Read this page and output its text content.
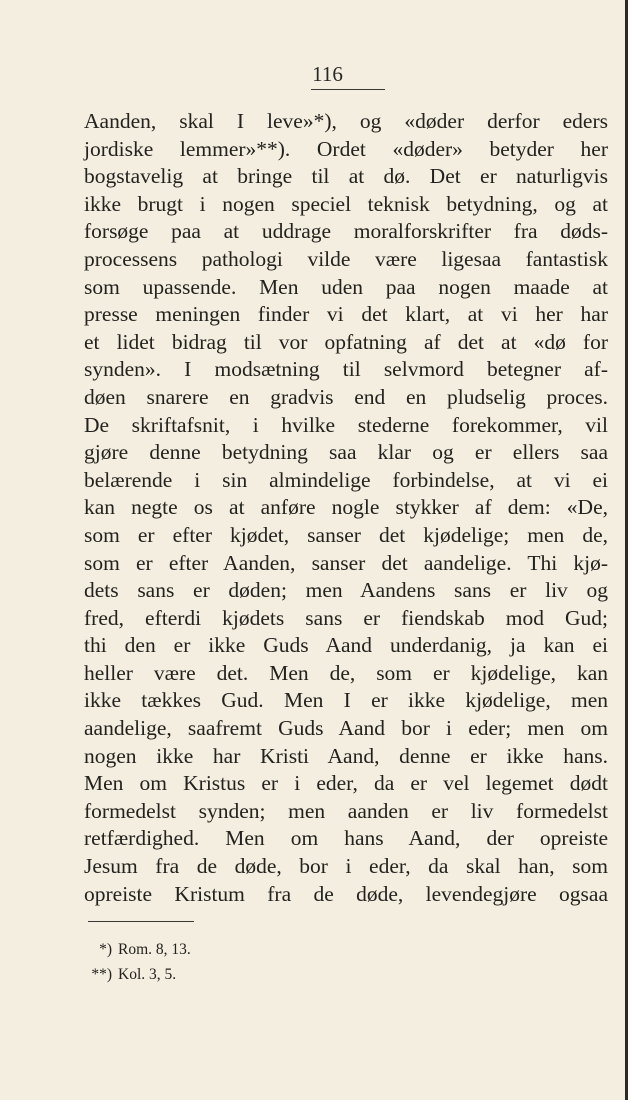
116
Aanden, skal I leve»*), og «døder derfor eders
jordiske lemmer»**). Ordet «døder» betyder her
bogstavelig at bringe til at dø. Det er naturligvis
ikke brugt i nogen speciel teknisk betydning, og at
forsøge paa at uddrage moralforskrifter fra døds-
processens pathologi vilde være ligesaa fantastisk
som upassende. Men uden paa nogen maade at
presse meningen finder vi det klart, at vi her har
et lidet bidrag til vor opfatning af det at «dø for
synden». I modsætning til selvmord betegner af-
døen snarere en gradvis end en pludselig proces.
De skriftafsnit, i hvilke stederne forekommer, vil
gjøre denne betydning saa klar og er ellers saa
belærende i sin almindelige forbindelse, at vi ei
kan negte os at anføre nogle stykker af dem: «De,
som er efter kjødet, sanser det kjødelige; men de,
som er efter Aanden, sanser det aandelige. Thi kjø-
dets sans er døden; men Aandens sans er liv og
fred, efterdi kjødets sans er fiendskab mod Gud;
thi den er ikke Guds Aand underdanig, ja kan ei
heller være det. Men de, som er kjødelige, kan
ikke tækkes Gud. Men I er ikke kjødelige, men
aandelige, saafremt Guds Aand bor i eder; men om
nogen ikke har Kristi Aand, denne er ikke hans.
Men om Kristus er i eder, da er vel legemet dødt
formedelst synden; men aanden er liv formedelst
retfærdighed. Men om hans Aand, der opreiste
Jesum fra de døde, bor i eder, da skal han, som
opreiste Kristum fra de døde, levendegjøre ogsaa
*) Rom. 8, 13.
**) Kol. 3, 5.
